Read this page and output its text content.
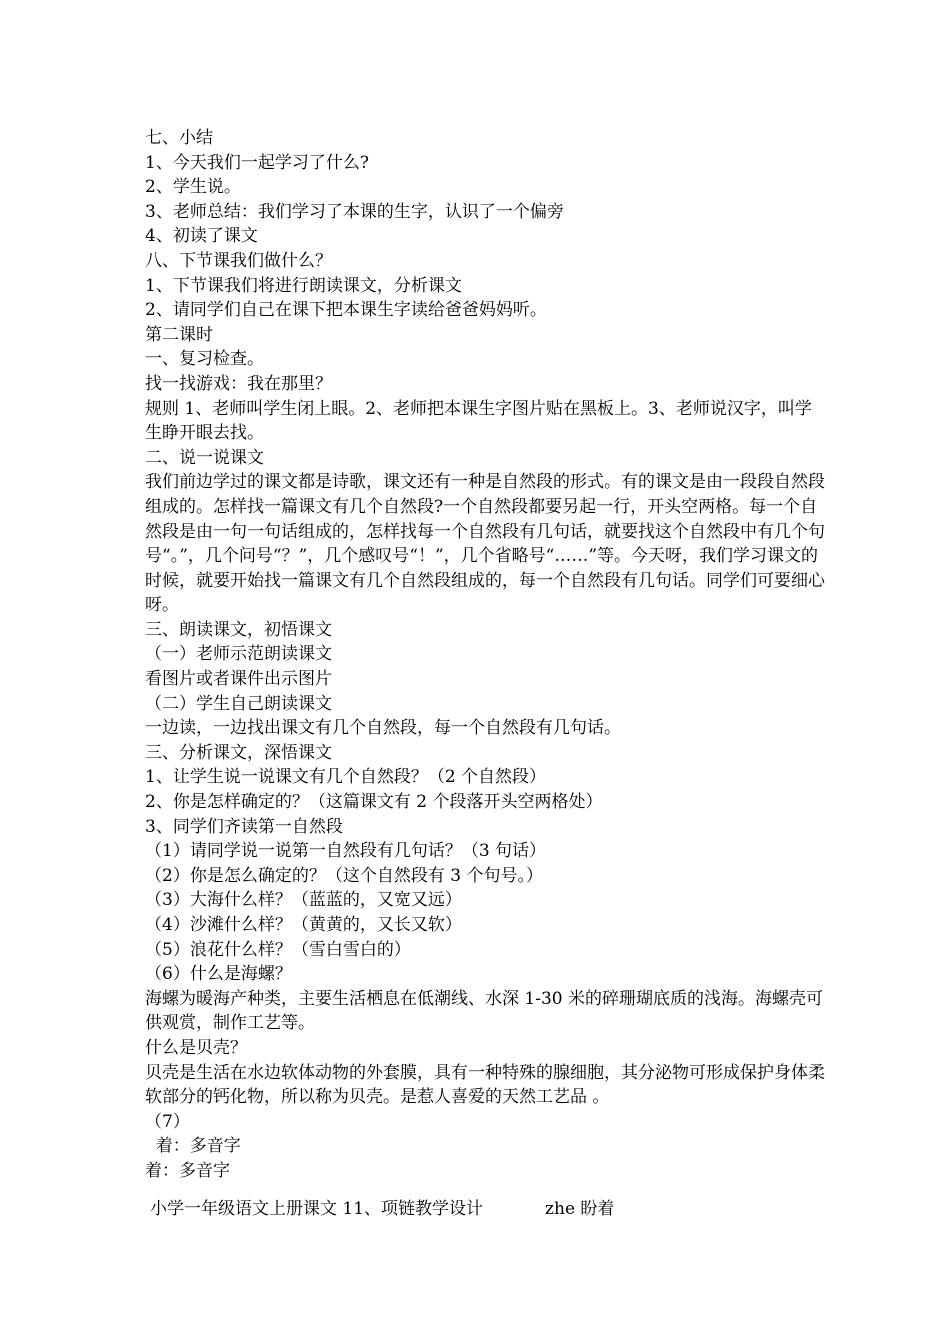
七、小结
1、今天我们一起学习了什么?
2、学生说。
3、老师总结：我们学习了本课的生字，认识了一个偏旁
4、初读了课文
八、下节课我们做什么？
1、下节课我们将进行朗读课文，分析课文
2、请同学们自己在课下把本课生字读给爸爸妈妈听。
第二课时
一、复习检查。
找一找游戏：我在那里？
规则 1、老师叫学生闭上眼。2、老师把本课生字图片贴在黑板上。3、老师说汉字，叫学生睁开眼去找。
二、说一说课文
我们前边学过的课文都是诗歌，课文还有一种是自然段的形式。有的课文是由一段段自然段组成的。怎样找一篇课文有几个自然段?一个自然段都要另起一行，开头空两格。每一个自然段是由一句一句话组成的，怎样找每一个自然段有几句话，就要找这个自然段中有几个句号“。”，几个问号“？”，几个感叹号“！”，几个省略号“……”等。今天呀，我们学习课文的时候，就要开始找一篇课文有几个自然段组成的，每一个自然段有几句话。同学们可要细心呀。
三、朗读课文，初悟课文
（一）老师示范朗读课文
看图片或者课件出示图片
（二）学生自己朗读课文
一边读，一边找出课文有几个自然段，每一个自然段有几句话。
三、分析课文，深悟课文
1、让学生说一说课文有几个自然段？（2 个自然段）
2、你是怎样确定的？（这篇课文有 2 个段落开头空两格处）
3、同学们齐读第一自然段
（1）请同学说一说第一自然段有几句话？（3 句话）
（2）你是怎么确定的？（这个自然段有 3 个句号。）
（3）大海什么样？（蓝蓝的，又宽又远）
（4）沙滩什么样？（黄黄的，又长又软）
（5）浪花什么样？（雪白雪白的）
（6）什么是海螺？
海螺为暖海产种类，主要生活栖息在低潮线、水深 1-30 米的碎珊瑚底质的浅海。海螺壳可供观赏，制作工艺等。
什么是贝壳？
贝壳是生活在水边软体动物的外套膜，具有一种特殊的腺细胞，其分泌物可形成保护身体柔软部分的钙化物，所以称为贝壳。是惹人喜爱的天然工艺品 。
（7）
着：多音字
着：多音字
小学一年级语文上册课文 11、项链教学设计	zhe 盼着
